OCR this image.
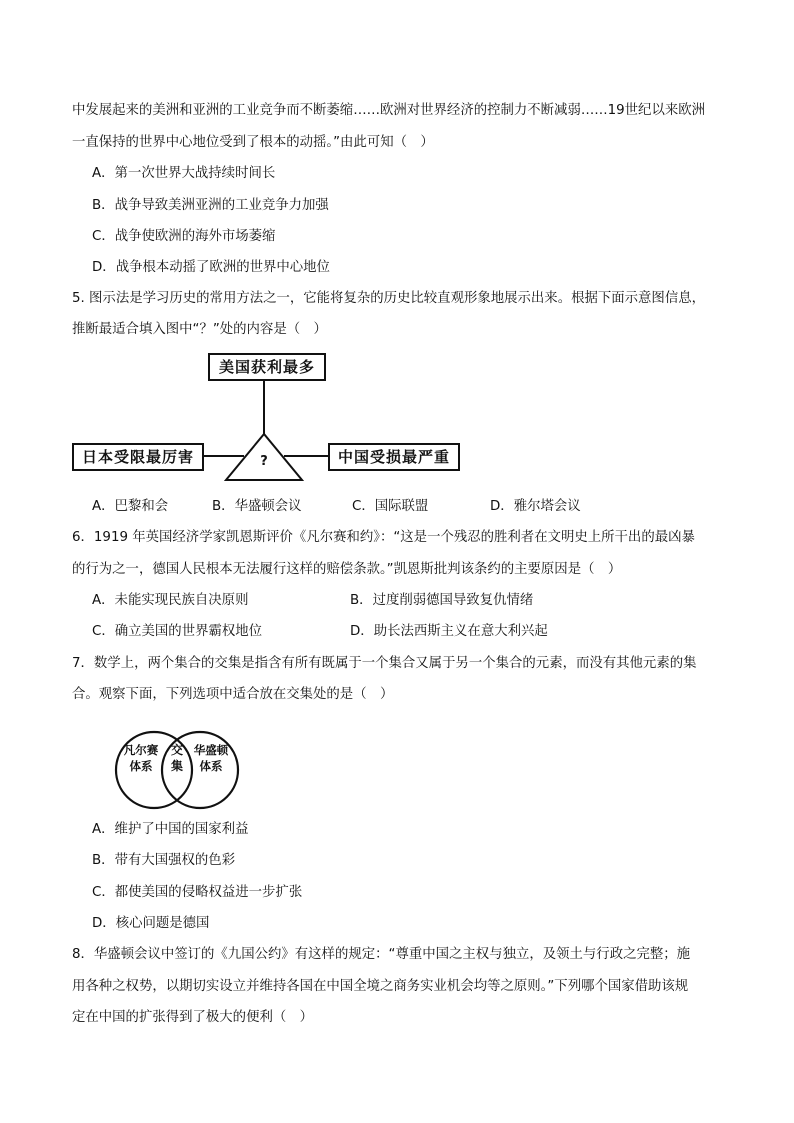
中发展起来的美洲和亚洲的工业竞争而不断萎缩……欧洲对世界经济的控制力不断减弱……19世纪以来欧洲
一直保持的世界中心地位受到了根本的动摇。”由此可知（　）
A．第一次世界大战持续时间长
B．战争导致美洲亚洲的工业竞争力加强
C．战争使欧洲的海外市场萎缩
D．战争根本动摇了欧洲的世界中心地位
5. 图示法是学习历史的常用方法之一，它能将复杂的历史比较直观形象地展示出来。根据下面示意图信息，
推断最适合填入图中“？”处的内容是（　）
美国获利最多
日本受限最厉害	中国受损最严重
?
A．巴黎和会	B．华盛顿会议	C．国际联盟	D．雅尔塔会议
6．1919 年英国经济学家凯恩斯评价《凡尔赛和约》：“这是一个残忍的胜利者在文明史上所干出的最凶暴
的行为之一，德国人民根本无法履行这样的赔偿条款。”凯恩斯批判该条约的主要原因是（　）
A．未能实现民族自决原则	B．过度削弱德国导致复仇情绪
C．确立美国的世界霸权地位	D．助长法西斯主义在意大利兴起
7．数学上，两个集合的交集是指含有所有既属于一个集合又属于另一个集合的元素，而没有其他元素的集
合。观察下面，下列选项中适合放在交集处的是（　）
凡尔赛
体系
交
集
华盛顿
体系
A．维护了中国的国家利益
B．带有大国强权的色彩
C．都使美国的侵略权益进一步扩张
D．核心问题是德国
8．华盛顿会议中签订的《九国公约》有这样的规定：“尊重中国之主权与独立，及领土与行政之完整；施
用各种之权势，以期切实设立并维持各国在中国全境之商务实业机会均等之原则。”下列哪个国家借助该规
定在中国的扩张得到了极大的便利（　）
